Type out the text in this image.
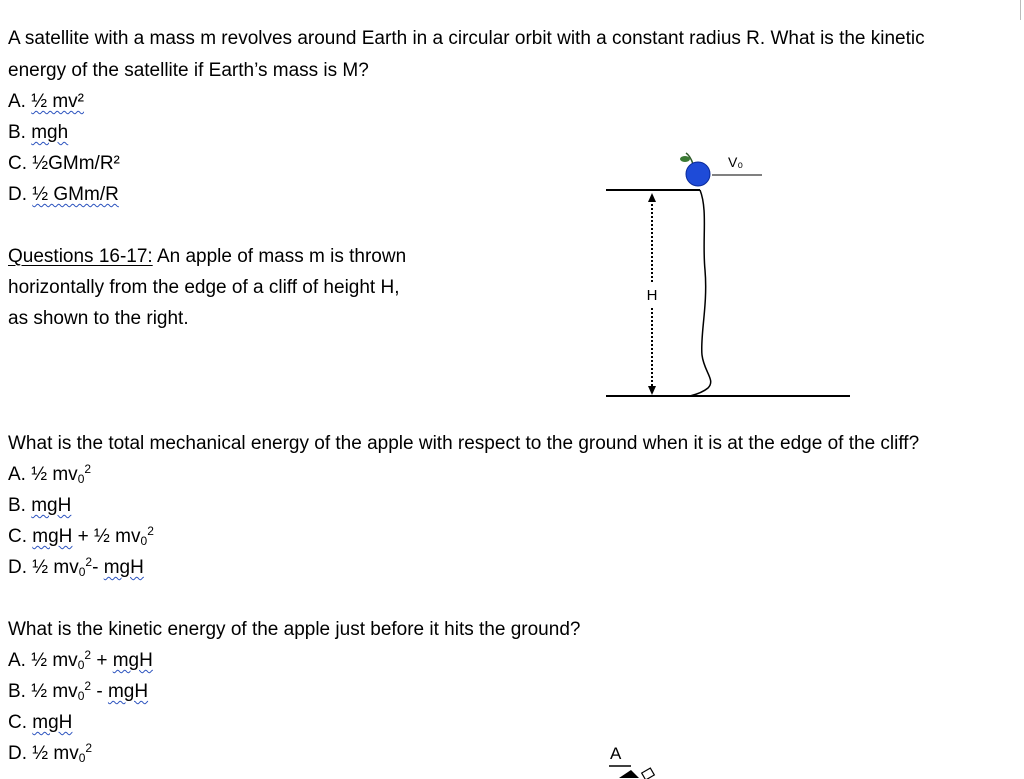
A satellite with a mass m revolves around Earth in a circular orbit with a constant radius R. What is the kinetic
energy of the satellite if Earth’s mass is M?
A. ½ mv²
B. mgh
C. ½GMm/R²
D. ½ GMm/R
Questions 16-17: An apple of mass m is thrown
horizontally from the edge of a cliff of height H,
as shown to the right.
H
V₀
What is the total mechanical energy of the apple with respect to the ground when it is at the edge of the cliff?
A. ½ $mv_0^2$
B. mgH
C. mgH + ½ $mv_0^2$
D. ½ $mv_0^2-$ mgH
What is the kinetic energy of the apple just before it hits the ground?
A. ½ $mv_0^2$ + mgH
B. ½ $mv_0^2$ - mgH
C. mgH
D. ½ $mv_0^2$	A
